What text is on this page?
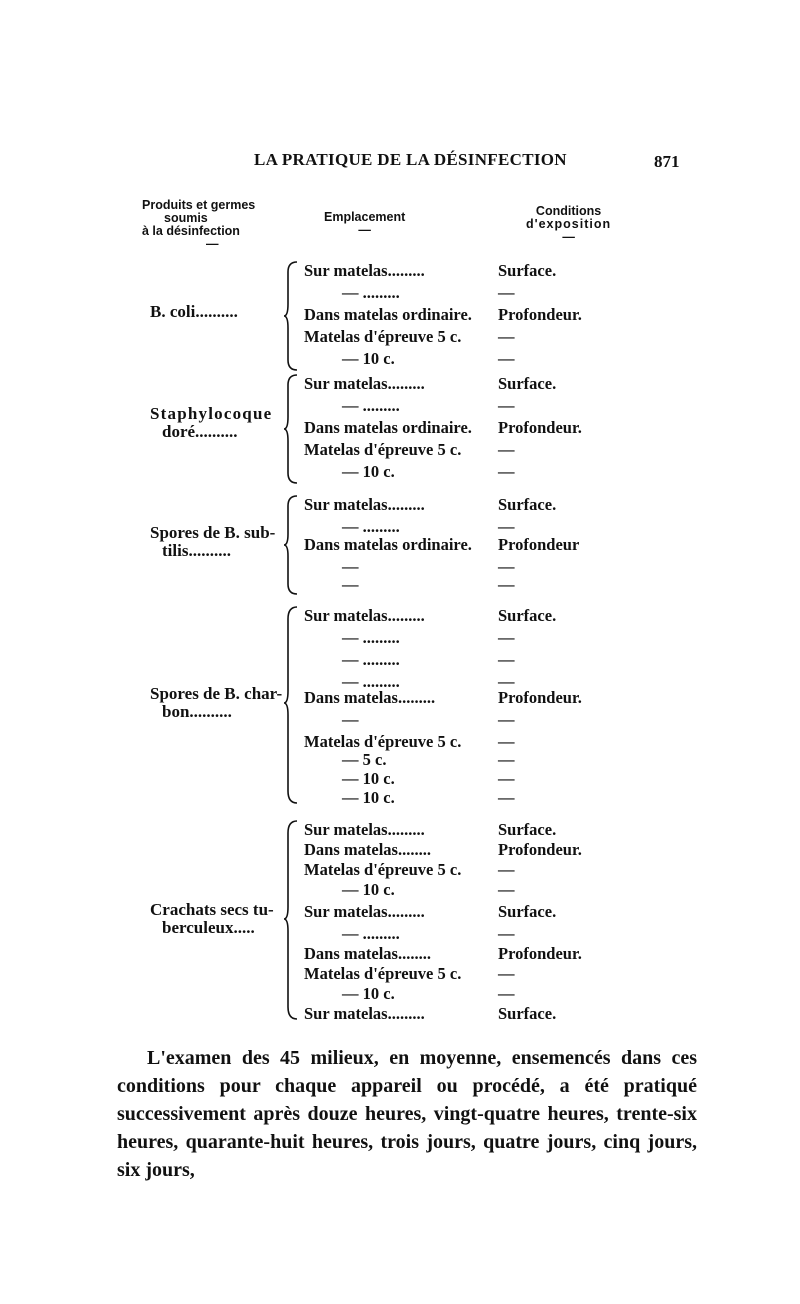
LA PRATIQUE DE LA DÉSINFECTION	871
Produits et germes
soumis
à la désinfection
—
Emplacement
—
Conditions
d'exposition
—
B. coli..........
Sur matelas.........	Surface.
— .........	—
Dans matelas ordinaire.	Profondeur.
Matelas d'épreuve 5 c.	—
— 10 c.	—
Staphylocoque
doré..........
Sur matelas.........	Surface.
— .........	—
Dans matelas ordinaire.	Profondeur.
Matelas d'épreuve 5 c.	—
— 10 c.	—
Spores de B. sub-
tilis..........
Sur matelas.........	Surface.
— .........	—
Dans matelas ordinaire.	Profondeur
—	—
—	—
Spores de B. char-
bon..........
Sur matelas.........	Surface.
— .........	—
— .........	—
— .........	—
Dans matelas.........	Profondeur.
—	—
Matelas d'épreuve 5 c.	—
— 5 c.	—
— 10 c.	—
— 10 c.	—
Crachats secs tu-
berculeux.....
Sur matelas.........	Surface.
Dans matelas........	Profondeur.
Matelas d'épreuve 5 c.	—
— 10 c.	—
Sur matelas.........	Surface.
— .........	—
Dans matelas........	Profondeur.
Matelas d'épreuve 5 c.	—
— 10 c.	—
Sur matelas.........	Surface.

L'examen des 45 milieux, en moyenne, ensemencés dans ces conditions pour chaque appareil ou procédé, a été pratiqué successivement après douze heures, vingt-quatre heures, trente-six heures, quarante-huit heures, trois jours, quatre jours, cinq jours, six jours,
